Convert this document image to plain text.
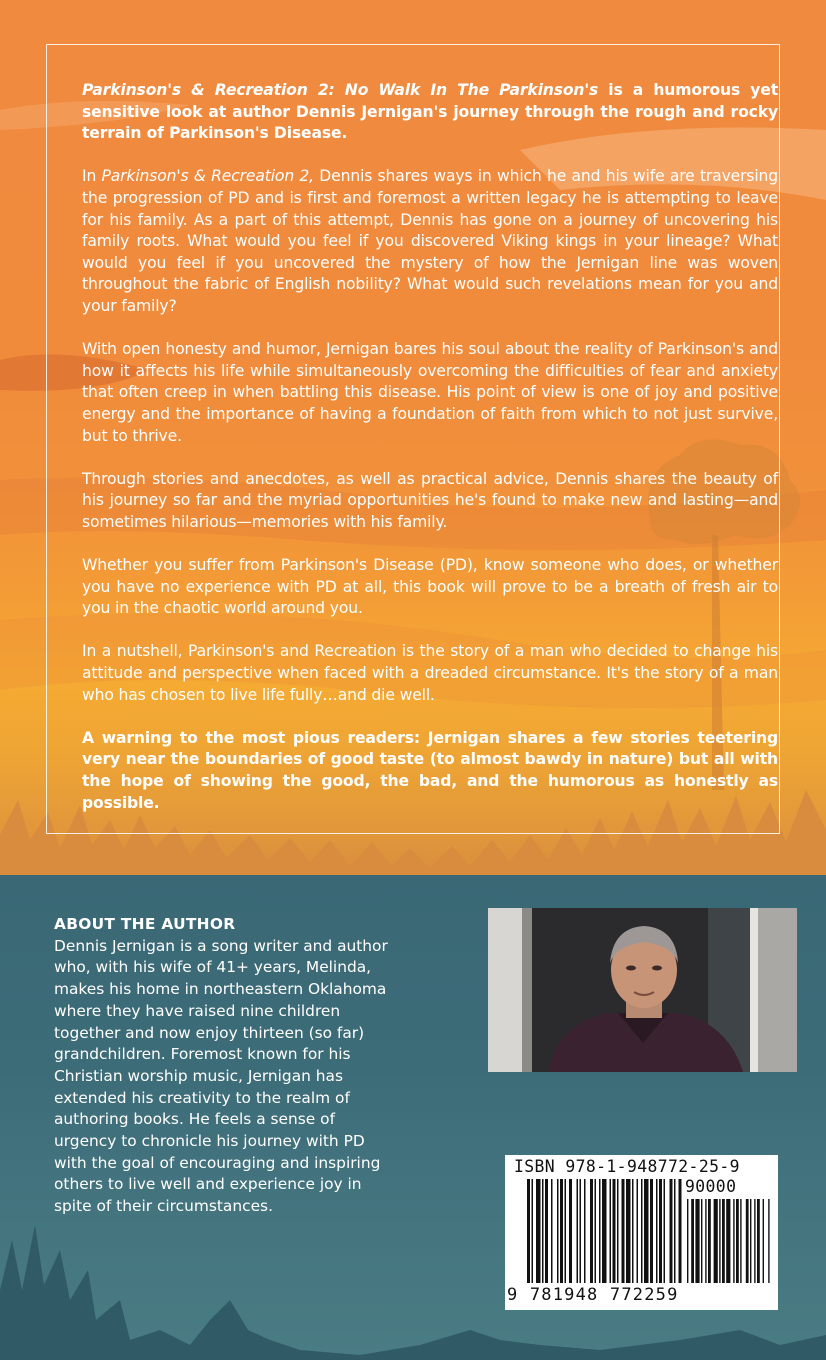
Parkinson's & Recreation 2: No Walk In The Parkinson's is a humorous yet sensitive look at author Dennis Jernigan's journey through the rough and rocky terrain of Parkinson's Disease.

In Parkinson's & Recreation 2, Dennis shares ways in which he and his wife are traversing the progression of PD and is first and foremost a written legacy he is attempting to leave for his family. As a part of this attempt, Dennis has gone on a journey of uncovering his family roots. What would you feel if you discovered Viking kings in your lineage? What would you feel if you uncovered the mystery of how the Jernigan line was woven throughout the fabric of English nobility? What would such revelations mean for you and your family?

With open honesty and humor, Jernigan bares his soul about the reality of Parkinson's and how it affects his life while simultaneously overcoming the difficulties of fear and anxiety that often creep in when battling this disease. His point of view is one of joy and positive energy and the importance of having a foundation of faith from which to not just survive, but to thrive.

Through stories and anecdotes, as well as practical advice, Dennis shares the beauty of his journey so far and the myriad opportunities he's found to make new and lasting—and sometimes hilarious—memories with his family.

Whether you suffer from Parkinson's Disease (PD), know someone who does, or whether you have no experience with PD at all, this book will prove to be a breath of fresh air to you in the chaotic world around you.

In a nutshell, Parkinson's and Recreation is the story of a man who decided to change his attitude and perspective when faced with a dreaded circumstance. It's the story of a man who has chosen to live life fully…and die well.

A warning to the most pious readers: Jernigan shares a few stories teetering very near the boundaries of good taste (to almost bawdy in nature) but all with the hope of showing the good, the bad, and the humorous as honestly as possible.

ABOUT THE AUTHOR

Dennis Jernigan is a song writer and author who, with his wife of 41+ years, Melinda, makes his home in northeastern Oklahoma where they have raised nine children together and now enjoy thirteen (so far) grandchildren. Foremost known for his Christian worship music, Jernigan has extended his creativity to the realm of authoring books. He feels a sense of urgency to chronicle his journey with PD with the goal of encouraging and inspiring others to live well and experience joy in spite of their circumstances.

ISBN 978-1-948772-25-9
90000
9 781948 772259
